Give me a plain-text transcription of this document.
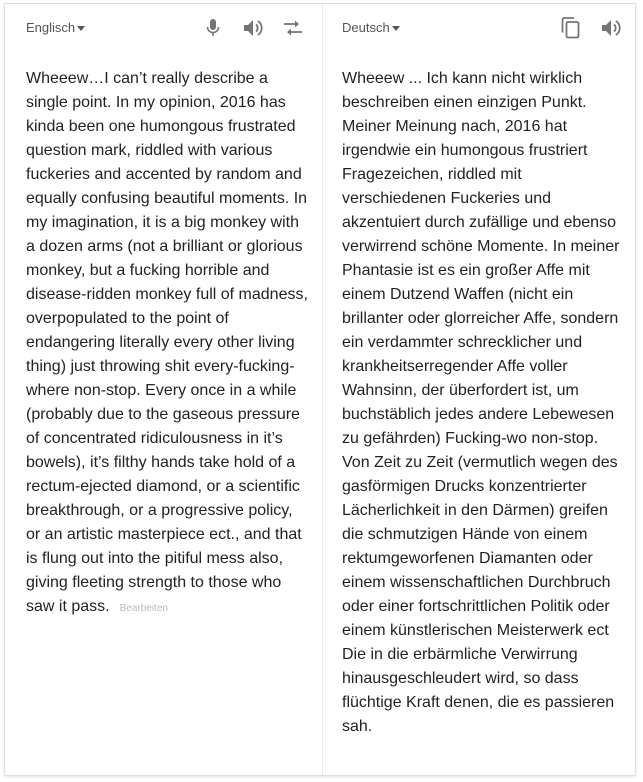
Englisch
Wheeew…I can’t really describe a single point. In my opinion, 2016 has kinda been one humongous frustrated question mark, riddled with various fuckeries and accented by random and equally confusing beautiful moments. In my imagination, it is a big monkey with a dozen arms (not a brilliant or glorious monkey, but a fucking horrible and disease-ridden monkey full of madness, overpopulated to the point of endangering literally every other living thing) just throwing shit every-fucking-where non-stop. Every once in a while (probably due to the gaseous pressure of concentrated ridiculousness in it’s bowels), it’s filthy hands take hold of a rectum-ejected diamond, or a scientific breakthrough, or a progressive policy, or an artistic masterpiece ect., and that is flung out into the pitiful mess also, giving fleeting strength to those who saw it pass. Bearbeiten
Deutsch
Wheeew ... Ich kann nicht wirklich beschreiben einen einzigen Punkt. Meiner Meinung nach, 2016 hat irgendwie ein humongous frustriert Fragezeichen, riddled mit verschiedenen Fuckeries und akzentuiert durch zufällige und ebenso verwirrend schöne Momente. In meiner Phantasie ist es ein großer Affe mit einem Dutzend Waffen (nicht ein brillanter oder glorreicher Affe, sondern ein verdammter schrecklicher und krankheitserregender Affe voller Wahnsinn, der überfordert ist, um buchstäblich jedes andere Lebewesen zu gefährden) Fucking-wo non-stop. Von Zeit zu Zeit (vermutlich wegen des gasförmigen Drucks konzentrierter Lächerlichkeit in den Därmen) greifen die schmutzigen Hände von einem rektumgeworfenen Diamanten oder einem wissenschaftlichen Durchbruch oder einer fortschrittlichen Politik oder einem künstlerischen Meisterwerk ect Die in die erbärmliche Verwirrung hinausgeschleudert wird, so dass flüchtige Kraft denen, die es passieren sah.
